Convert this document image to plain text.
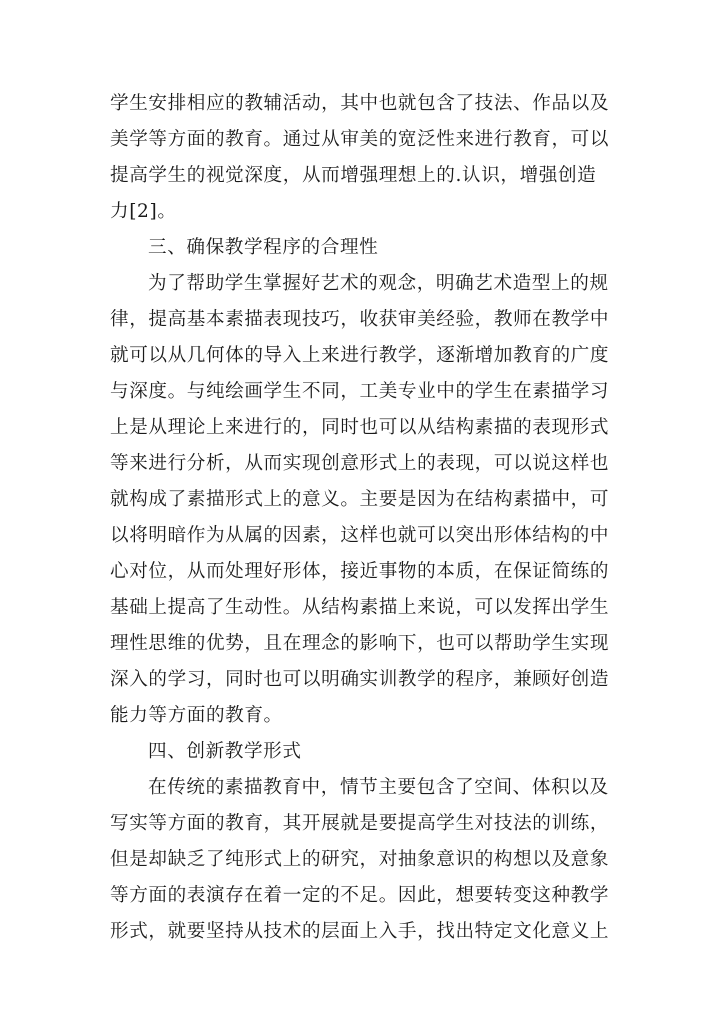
学生安排相应的教辅活动，其中也就包含了技法、作品以及
美学等方面的教育。通过从审美的宽泛性来进行教育，可以
提高学生的视觉深度，从而增强理想上的.认识，增强创造
力[2]。
三、确保教学程序的合理性
为了帮助学生掌握好艺术的观念，明确艺术造型上的规
律，提高基本素描表现技巧，收获审美经验，教师在教学中
就可以从几何体的导入上来进行教学，逐渐增加教育的广度
与深度。与纯绘画学生不同，工美专业中的学生在素描学习
上是从理论上来进行的，同时也可以从结构素描的表现形式
等来进行分析，从而实现创意形式上的表现，可以说这样也
就构成了素描形式上的意义。主要是因为在结构素描中，可
以将明暗作为从属的因素，这样也就可以突出形体结构的中
心对位，从而处理好形体，接近事物的本质，在保证简练的
基础上提高了生动性。从结构素描上来说，可以发挥出学生
理性思维的优势，且在理念的影响下，也可以帮助学生实现
深入的学习，同时也可以明确实训教学的程序，兼顾好创造
能力等方面的教育。
四、创新教学形式
在传统的素描教育中，情节主要包含了空间、体积以及
写实等方面的教育，其开展就是要提高学生对技法的训练，
但是却缺乏了纯形式上的研究，对抽象意识的构想以及意象
等方面的表演存在着一定的不足。因此，想要转变这种教学
形式，就要坚持从技术的层面上入手，找出特定文化意义上
